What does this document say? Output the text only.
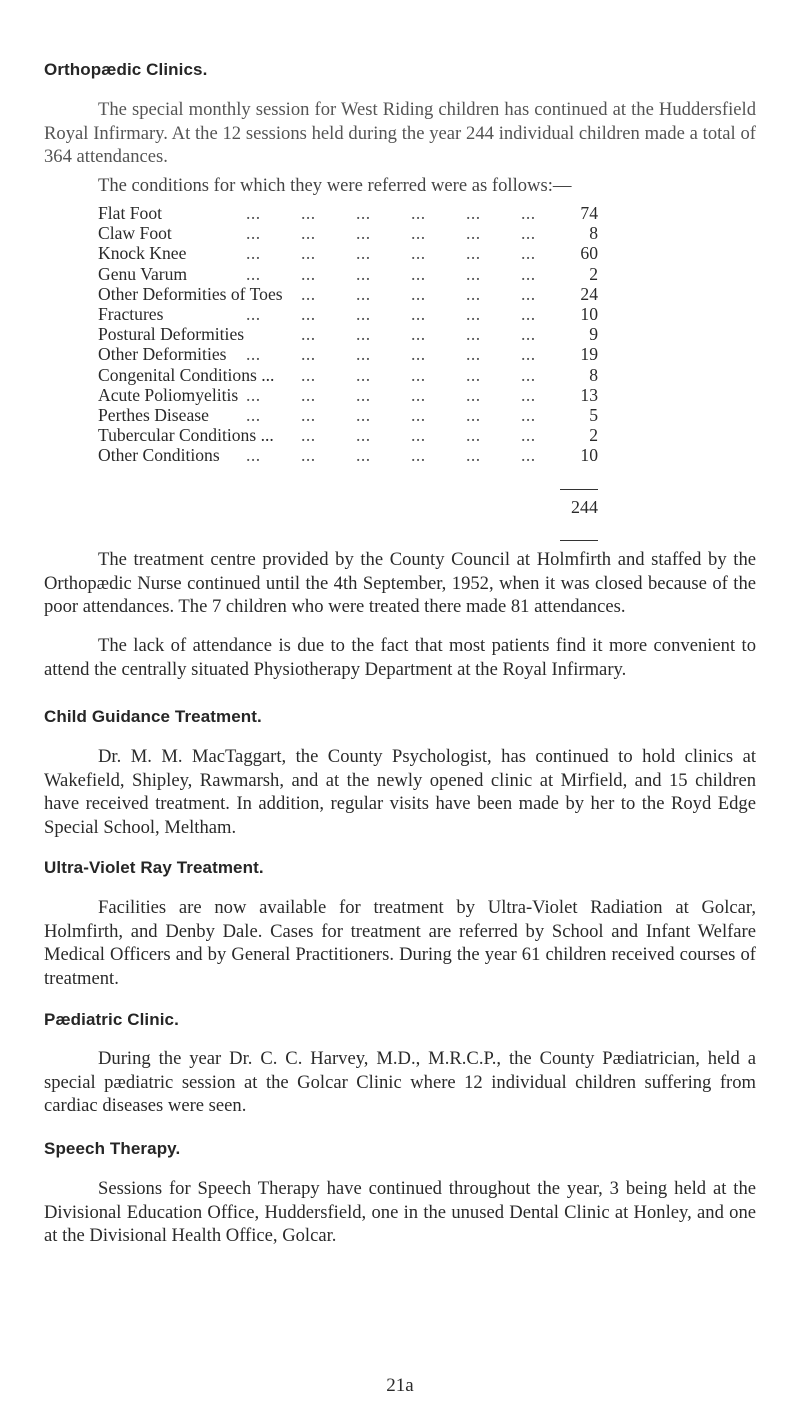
Orthopædic Clinics.

The special monthly session for West Riding children has continued at the Huddersfield Royal Infirmary. At the 12 sessions held during the year 244 individual children made a total of 364 attendances.

The conditions for which they were referred were as follows:—

... ... ... ... ... ...
Flat Foot	74
... ... ... ... ... ...
Claw Foot	8
... ... ... ... ... ...
Knock Knee	60
... ... ... ... ... ...
Genu Varum	2
... ... ... ... ...
Other Deformities of Toes	24
... ... ... ... ... ...
Fractures	10
... ... ... ... ...
Postural Deformities	9
... ... ... ... ... ...
Other Deformities	19
... ... ... ... ...
Congenital Conditions ...	8
... ... ... ... ... ...
Acute Poliomyelitis	13
... ... ... ... ... ...
Perthes Disease	5
... ... ... ... ...
Tubercular Conditions ...	2
... ... ... ... ... ...
Other Conditions	10
244

The treatment centre provided by the County Council at Holmfirth and staffed by the Orthopædic Nurse continued until the 4th September, 1952, when it was closed because of the poor attendances. The 7 children who were treated there made 81 attendances.

The lack of attendance is due to the fact that most patients find it more convenient to attend the centrally situated Physiotherapy Department at the Royal Infirmary.

Child Guidance Treatment.

Dr. M. M. MacTaggart, the County Psychologist, has continued to hold clinics at Wakefield, Shipley, Rawmarsh, and at the newly opened clinic at Mirfield, and 15 children have received treatment. In addition, regular visits have been made by her to the Royd Edge Special School, Meltham.

Ultra-Violet Ray Treatment.

Facilities are now available for treatment by Ultra-Violet Radiation at Golcar, Holmfirth, and Denby Dale. Cases for treatment are referred by School and Infant Welfare Medical Officers and by General Practitioners. During the year 61 children received courses of treatment.

Pædiatric Clinic.

During the year Dr. C. C. Harvey, M.D., M.R.C.P., the County Pædiatrician, held a special pædiatric session at the Golcar Clinic where 12 individual children suffering from cardiac diseases were seen.

Speech Therapy.

Sessions for Speech Therapy have continued throughout the year, 3 being held at the Divisional Education Office, Huddersfield, one in the unused Dental Clinic at Honley, and one at the Divisional Health Office, Golcar.

21a
